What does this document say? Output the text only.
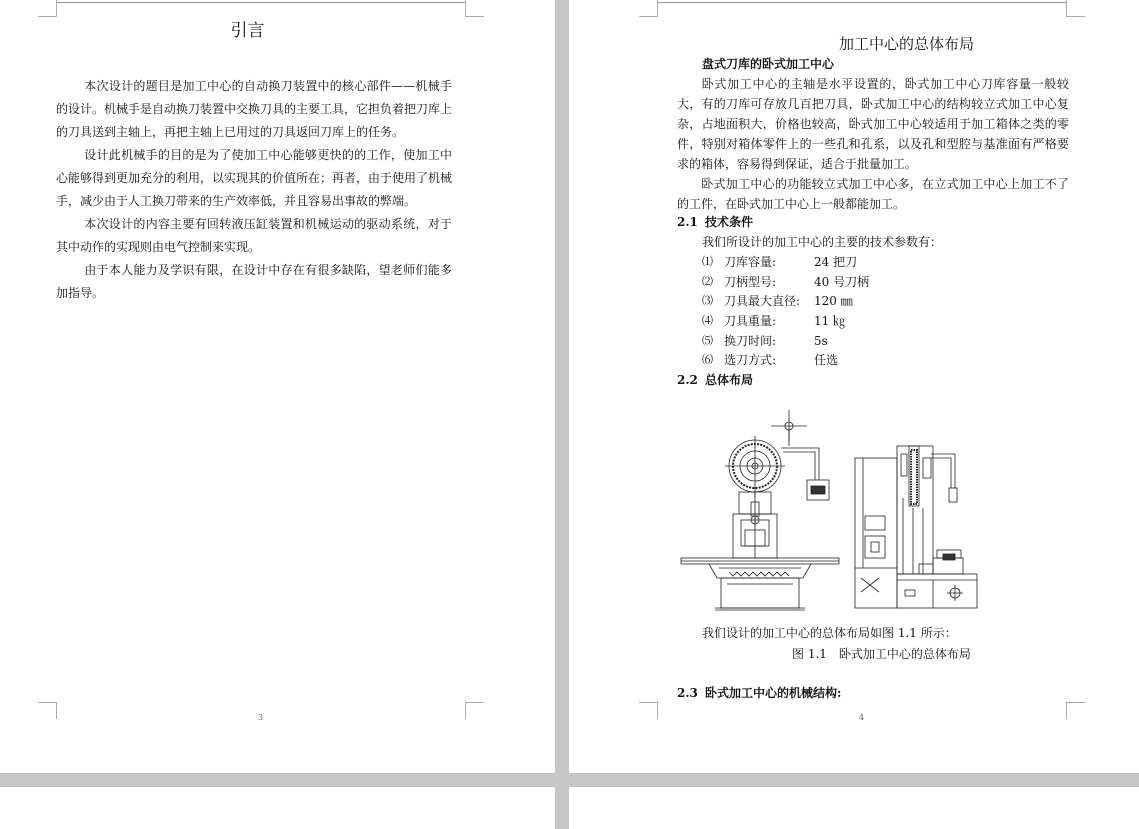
引言
本次设计的题目是加工中心的自动换刀装置中的核心部件——机械手的设计。机械手是自动换刀装置中交换刀具的主要工具，它担负着把刀库上的刀具送到主轴上，再把主轴上已用过的刀具返回刀库上的任务。
设计此机械手的目的是为了使加工中心能够更快的的工作，使加工中心能够得到更加充分的利用，以实现其的价值所在；再者，由于使用了机械手，减少由于人工换刀带来的生产效率低，并且容易出事故的弊端。
本次设计的内容主要有回转液压缸装置和机械运动的驱动系统，对于其中动作的实现则由电气控制来实现。
由于本人能力及学识有限，在设计中存在有很多缺陷，望老师们能多加指导。
3
加工中心的总体布局
盘式刀库的卧式加工中心
卧式加工中心的主轴是水平设置的，卧式加工中心刀库容量一般较大，有的刀库可存放几百把刀具，卧式加工中心的结构较立式加工中心复杂，占地面积大，价格也较高，卧式加工中心较适用于加工箱体之类的零件，特别对箱体零件上的一些孔和孔系，以及孔和型腔与基准面有严格要求的箱体，容易得到保证，适合于批量加工。
卧式加工中心的功能较立式加工中心多，在立式加工中心上加工不了的工件，在卧式加工中心上一般都能加工。
2.1 技术条件
我们所设计的加工中心的主要的技术参数有：
⑴ 刀库容量:	24 把刀
⑵ 刀柄型号:	40 号刀柄
⑶ 刀具最大直径: 120 ㎜
⑷ 刀具重量:	11 ㎏
⑸ 换刀时间:	5s
⑹ 选刀方式:	任选
2.2 总体布局
我们设计的加工中心的总体布局如图 1.1 所示：
图 1.1　卧式加工中心的总体布局
2.3 卧式加工中心的机械结构:
4
